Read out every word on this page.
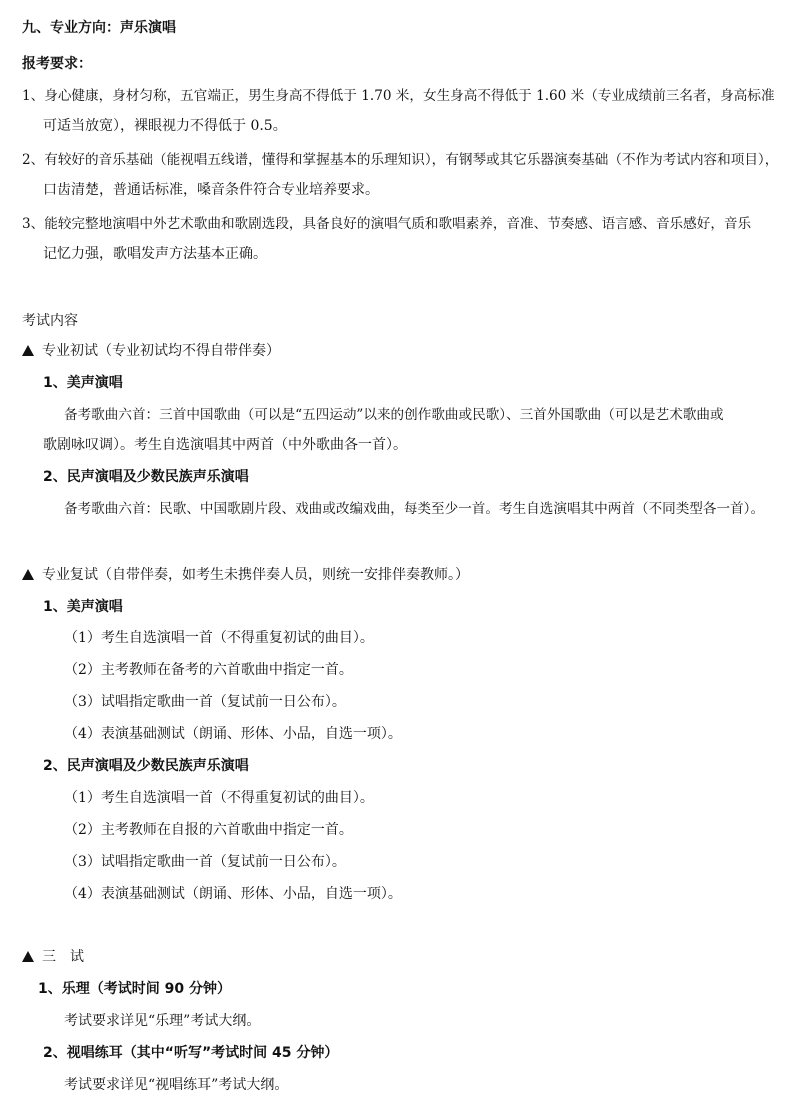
九、专业方向：声乐演唱
报考要求：
1、身心健康，身材匀称，五官端正，男生身高不得低于 1.70 米，女生身高不得低于 1.60 米（专业成绩前三名者，身高标准
可适当放宽），裸眼视力不得低于 0.5。
2、有较好的音乐基础（能视唱五线谱，懂得和掌握基本的乐理知识），有钢琴或其它乐器演奏基础（不作为考试内容和项目），
口齿清楚，普通话标准，嗓音条件符合专业培养要求。
3、能较完整地演唱中外艺术歌曲和歌剧选段，具备良好的演唱气质和歌唱素养，音准、节奏感、语言感、音乐感好，音乐
记忆力强，歌唱发声方法基本正确。
考试内容
专业初试（专业初试均不得自带伴奏）
1、美声演唱
备考歌曲六首：三首中国歌曲（可以是“五四运动”以来的创作歌曲或民歌）、三首外国歌曲（可以是艺术歌曲或
歌剧咏叹调）。考生自选演唱其中两首（中外歌曲各一首）。
2、民声演唱及少数民族声乐演唱
备考歌曲六首：民歌、中国歌剧片段、戏曲或改编戏曲，每类至少一首。考生自选演唱其中两首（不同类型各一首）。
专业复试（自带伴奏，如考生未携伴奏人员，则统一安排伴奏教师。）
1、美声演唱
（1）考生自选演唱一首（不得重复初试的曲目）。
（2）主考教师在备考的六首歌曲中指定一首。
（3）试唱指定歌曲一首（复试前一日公布）。
（4）表演基础测试（朗诵、形体、小品，自选一项）。
2、民声演唱及少数民族声乐演唱
（1）考生自选演唱一首（不得重复初试的曲目）。
（2）主考教师在自报的六首歌曲中指定一首。
（3）试唱指定歌曲一首（复试前一日公布）。
（4）表演基础测试（朗诵、形体、小品，自选一项）。
三　试
1、乐理（考试时间 90 分钟）
考试要求详见“乐理”考试大纲。
2、视唱练耳（其中“听写”考试时间 45 分钟）
考试要求详见“视唱练耳”考试大纲。
